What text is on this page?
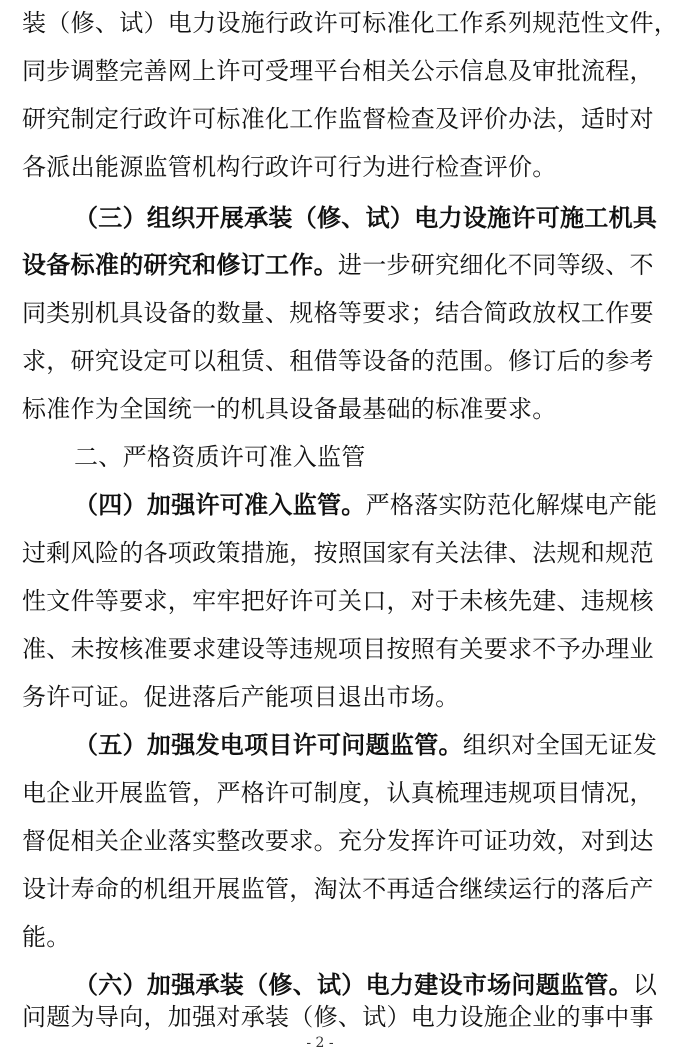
装（修、试）电力设施行政许可标准化工作系列规范性文件，
同步调整完善网上许可受理平台相关公示信息及审批流程，
研究制定行政许可标准化工作监督检查及评价办法，适时对
各派出能源监管机构行政许可行为进行检查评价。
（三）组织开展承装（修、试）电力设施许可施工机具
设备标准的研究和修订工作。进一步研究细化不同等级、不
同类别机具设备的数量、规格等要求；结合简政放权工作要
求，研究设定可以租赁、租借等设备的范围。修订后的参考
标准作为全国统一的机具设备最基础的标准要求。
二、严格资质许可准入监管
（四）加强许可准入监管。严格落实防范化解煤电产能
过剩风险的各项政策措施，按照国家有关法律、法规和规范
性文件等要求，牢牢把好许可关口，对于未核先建、违规核
准、未按核准要求建设等违规项目按照有关要求不予办理业
务许可证。促进落后产能项目退出市场。
（五）加强发电项目许可问题监管。组织对全国无证发
电企业开展监管，严格许可制度，认真梳理违规项目情况，
督促相关企业落实整改要求。充分发挥许可证功效，对到达
设计寿命的机组开展监管，淘汰不再适合继续运行的落后产
能。
（六）加强承装（修、试）电力建设市场问题监管。以
问题为导向，加强对承装（修、试）电力设施企业的事中事
- 2 -
